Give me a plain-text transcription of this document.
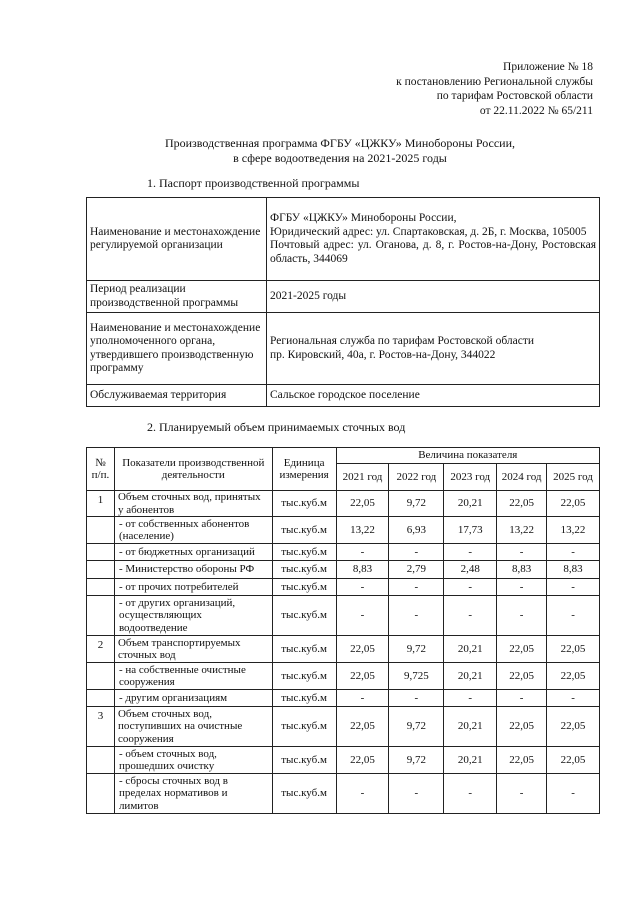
Приложение № 18
к постановлению Региональной службы
по тарифам Ростовской области
от 22.11.2022 № 65/211
Производственная программа ФГБУ «ЦЖКУ» Минобороны России,
в сфере водоотведения на 2021-2025 годы
1. Паспорт производственной программы
Наименование и местонахождение регулируемой организации	ФГБУ «ЦЖКУ» Минобороны России,
Юридический адрес: ул. Спартаковская, д. 2Б, г. Москва, 105005
Почтовый адрес: ул. Оганова, д. 8, г. Ростов-на-Дону, Ростовская область, 344069

Период реализации производственной программы	2021-2025 годы
Наименование и местонахождение уполномоченного органа, утвердившего производственную программу	Региональная служба по тарифам Ростовской области
пр. Кировский, 40а, г. Ростов-на-Дону, 344022

Обслуживаемая территория	Сальское городское поселение
2. Планируемый объем принимаемых сточных вод
№ п/п.	Показатели производственной деятельности	Единица измерения	Величина показателя				
			2021 год	2022 год	2023 год	2024 год	2025 год
1	Объем сточных вод, принятых у абонентов	тыс.куб.м	22,05	9,72	20,21	22,05	22,05
	- от собственных абонентов (население)	тыс.куб.м	13,22	6,93	17,73	13,22	13,22
	- от бюджетных организаций	тыс.куб.м	-	-	-	-	-
	- Министерство обороны РФ	тыс.куб.м	8,83	2,79	2,48	8,83	8,83
	- от прочих потребителей	тыс.куб.м	-	-	-	-	-
	- от других организаций, осуществляющих водоотведение	тыс.куб.м	-	-	-	-	-
2	Объем транспортируемых сточных вод	тыс.куб.м	22,05	9,72	20,21	22,05	22,05
	- на собственные очистные сооружения	тыс.куб.м	22,05	9,725	20,21	22,05	22,05
	- другим организациям	тыс.куб.м	-	-	-	-	-
3	Объем сточных вод, поступивших на очистные сооружения	тыс.куб.м	22,05	9,72	20,21	22,05	22,05
	- объем сточных вод, прошедших очистку	тыс.куб.м	22,05	9,72	20,21	22,05	22,05
	- сбросы сточных вод в пределах нормативов и лимитов	тыс.куб.м	-	-	-	-	-
